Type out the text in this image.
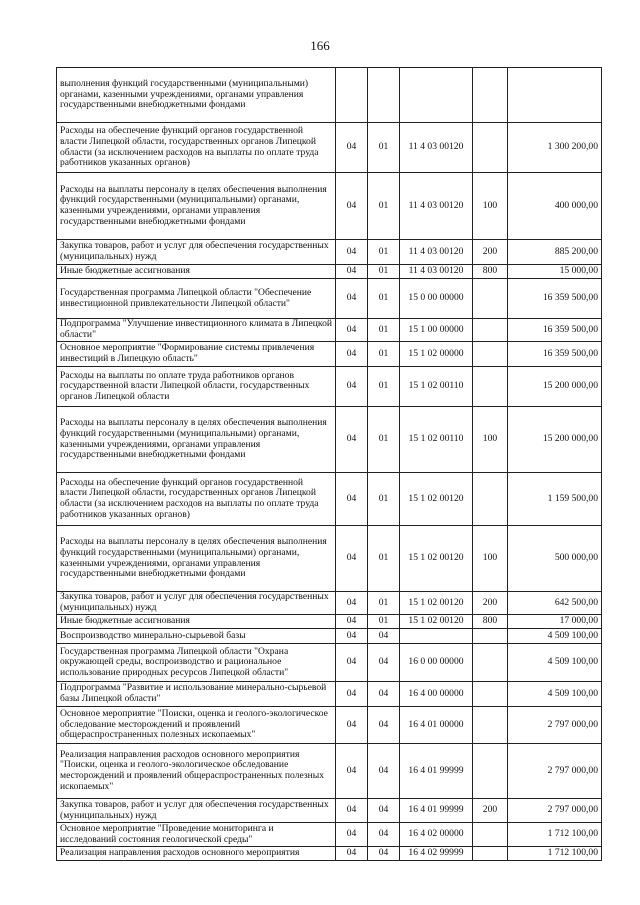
166
выполнения функций государственными (муниципальными) органами, казенными учреждениями, органами управления государственными внебюджетными фондами					
Расходы на обеспечение функций органов государственной власти Липецкой области, государственных органов Липецкой области (за исключением расходов на выплаты по оплате труда работников указанных органов)	04	01	11 4 03 00120		1 300 200,00
Расходы на выплаты персоналу в целях обеспечения выполнения функций государственными (муниципальными) органами, казенными учреждениями, органами управления государственными внебюджетными фондами	04	01	11 4 03 00120	100	400 000,00
Закупка товаров, работ и услуг для обеспечения государственных (муниципальных) нужд	04	01	11 4 03 00120	200	885 200,00
Иные бюджетные ассигнования	04	01	11 4 03 00120	800	15 000,00
Государственная программа Липецкой области "Обеспечение инвестиционной привлекательности Липецкой области"	04	01	15 0 00 00000		16 359 500,00
Подпрограмма "Улучшение инвестиционного климата в Липецкой области"	04	01	15 1 00 00000		16 359 500,00
Основное мероприятие "Формирование системы привлечения инвестиций в Липецкую область"	04	01	15 1 02 00000		16 359 500,00
Расходы на выплаты по оплате труда работников органов государственной власти Липецкой области, государственных органов Липецкой области	04	01	15 1 02 00110		15 200 000,00
Расходы на выплаты персоналу в целях обеспечения выполнения функций государственными (муниципальными) органами, казенными учреждениями, органами управления государственными внебюджетными фондами	04	01	15 1 02 00110	100	15 200 000,00
Расходы на обеспечение функций органов государственной власти Липецкой области, государственных органов Липецкой области (за исключением расходов на выплаты по оплате труда работников указанных органов)	04	01	15 1 02 00120		1 159 500,00
Расходы на выплаты персоналу в целях обеспечения выполнения функций государственными (муниципальными) органами, казенными учреждениями, органами управления государственными внебюджетными фондами	04	01	15 1 02 00120	100	500 000,00
Закупка товаров, работ и услуг для обеспечения государственных (муниципальных) нужд	04	01	15 1 02 00120	200	642 500,00
Иные бюджетные ассигнования	04	01	15 1 02 00120	800	17 000,00
Воспроизводство минерально-сырьевой базы	04	04			4 509 100,00
Государственная программа Липецкой области "Охрана окружающей среды, воспроизводство и рациональное использование природных ресурсов Липецкой области"	04	04	16 0 00 00000		4 509 100,00
Подпрограмма "Развитие и использование минерально-сырьевой базы Липецкой области"	04	04	16 4 00 00000		4 509 100,00
Основное мероприятие "Поиски, оценка и геолого-экологическое обследование месторождений и проявлений общераспространенных полезных ископаемых"	04	04	16 4 01 00000		2 797 000,00
Реализация направления расходов основного мероприятия "Поиски, оценка и геолого-экологическое обследование месторождений и проявлений общераспространенных полезных ископаемых"	04	04	16 4 01 99999		2 797 000,00
Закупка товаров, работ и услуг для обеспечения государственных (муниципальных) нужд	04	04	16 4 01 99999	200	2 797 000,00
Основное мероприятие "Проведение мониторинга и исследований состояния геологической среды"	04	04	16 4 02 00000		1 712 100,00
Реализация направления расходов основного мероприятия	04	04	16 4 02 99999		1 712 100,00
